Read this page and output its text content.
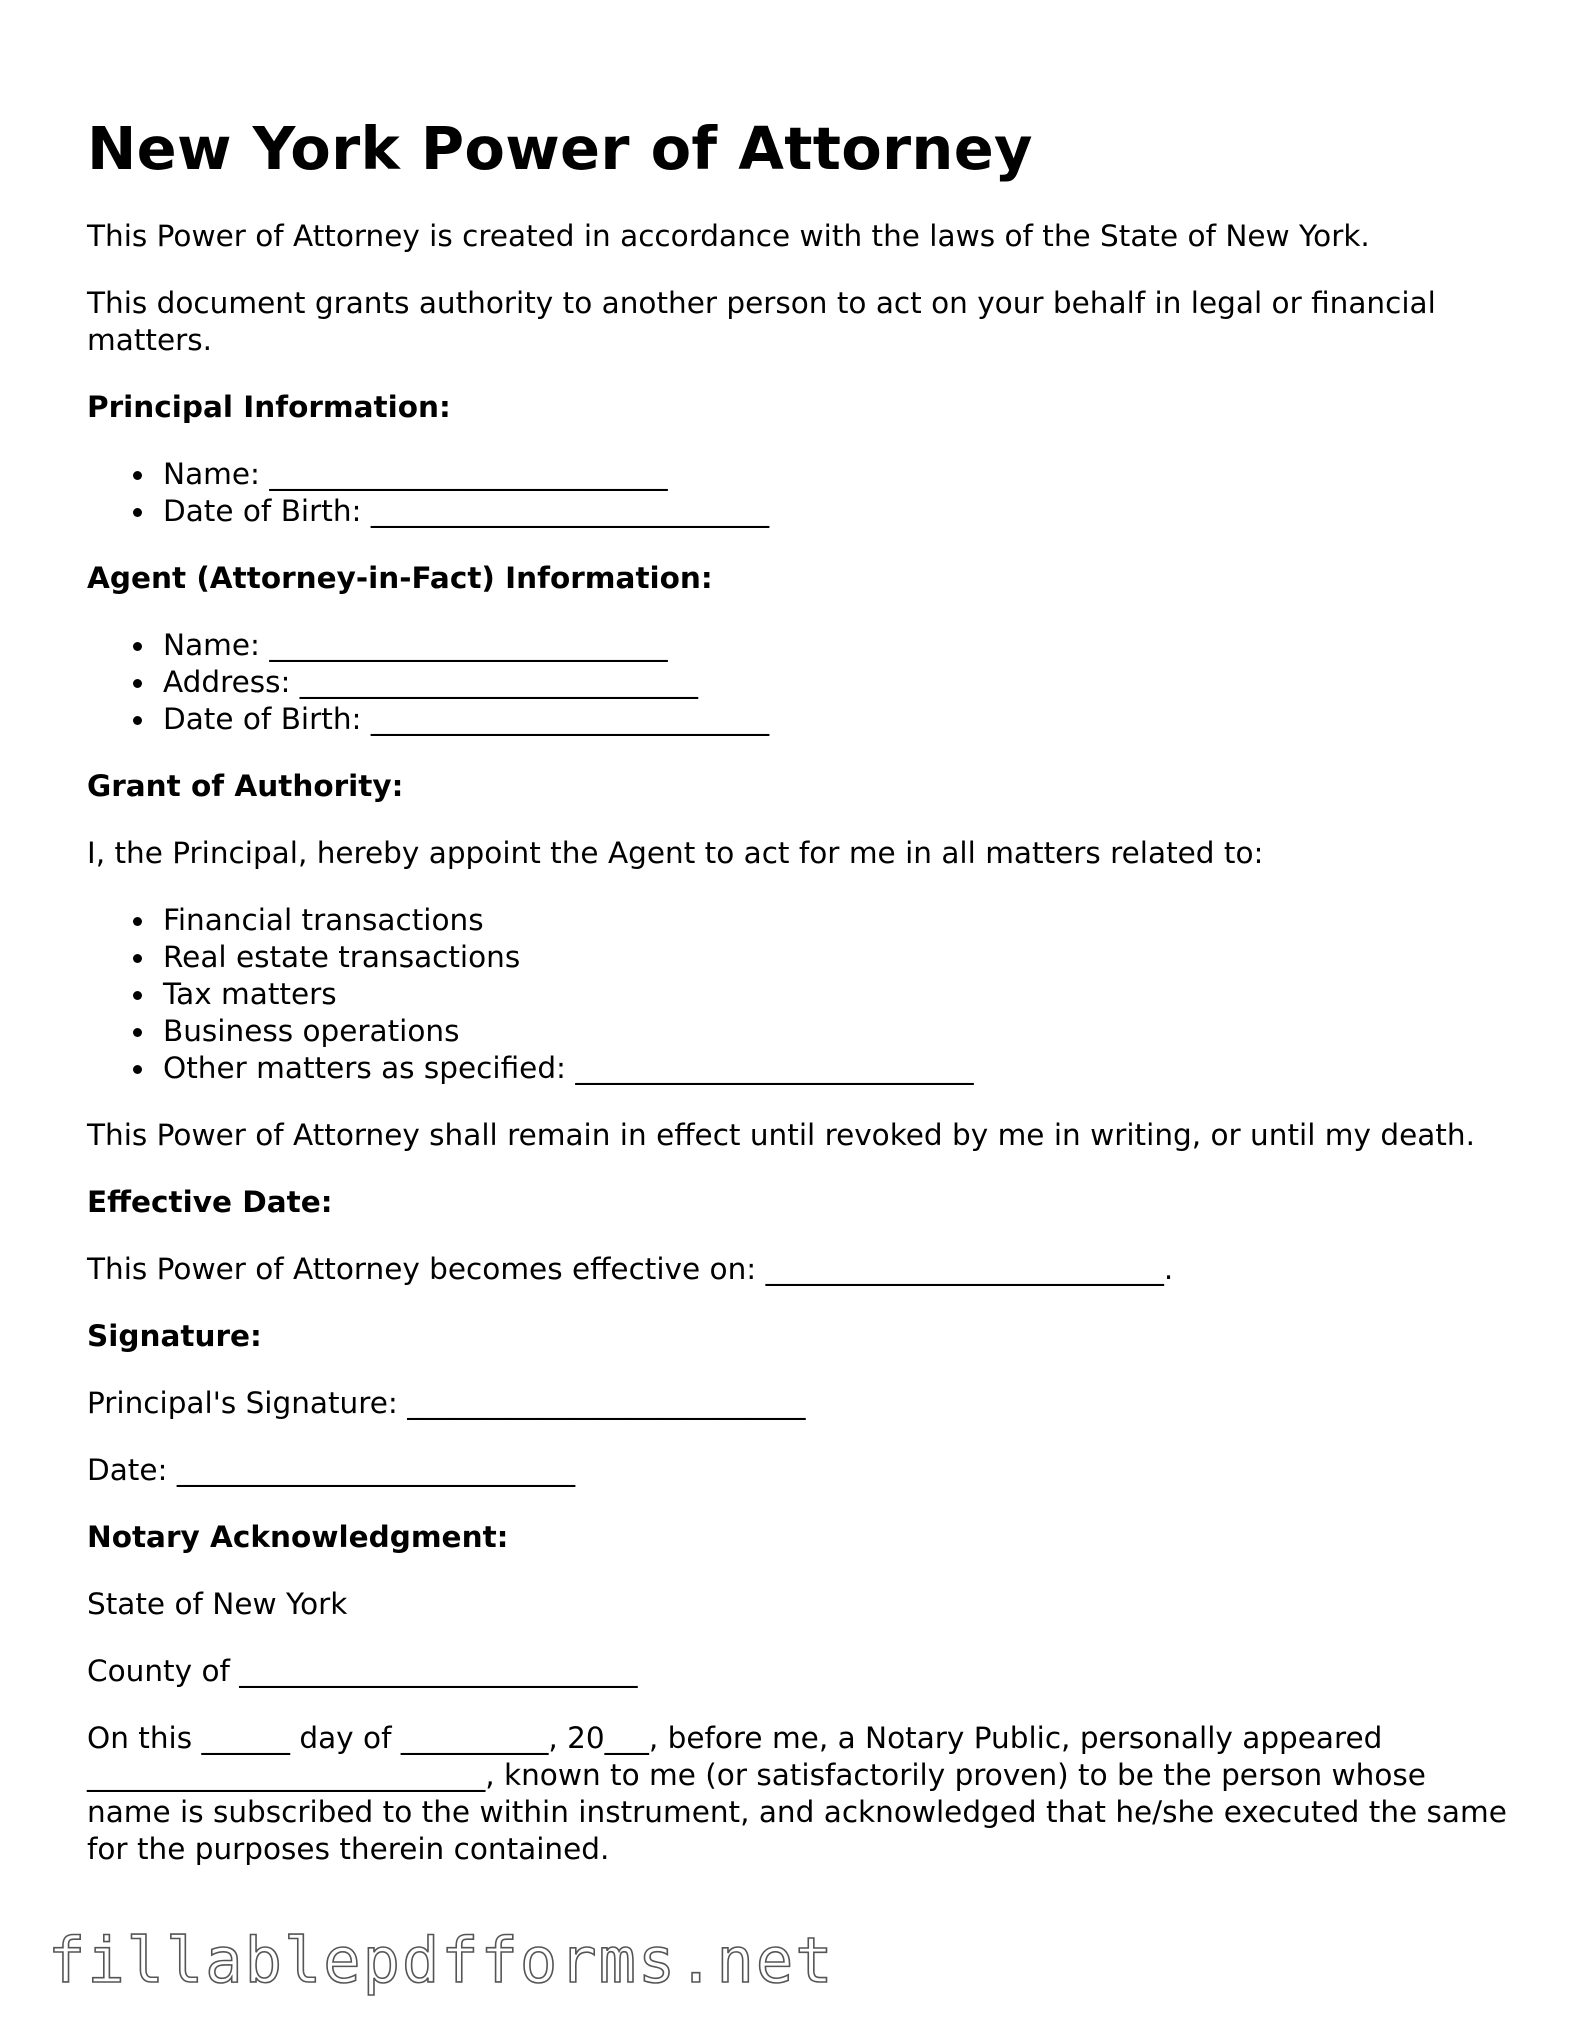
New York Power of Attorney

This Power of Attorney is created in accordance with the laws of the State of New York.

This document grants authority to another person to act on your behalf in legal or financial matters.

Principal Information:

Name: ___________________________
Date of Birth: ___________________________

Agent (Attorney-in-Fact) Information:

Name: ___________________________
Address: ___________________________
Date of Birth: ___________________________

Grant of Authority:

I, the Principal, hereby appoint the Agent to act for me in all matters related to:

Financial transactions
Real estate transactions
Tax matters
Business operations
Other matters as specified: ___________________________

This Power of Attorney shall remain in effect until revoked by me in writing, or until my death.

Effective Date:

This Power of Attorney becomes effective on: ___________________________.

Signature:

Principal's Signature: ___________________________

Date: ___________________________

Notary Acknowledgment:

State of New York

County of ___________________________

On this ______ day of __________, 20___, before me, a Notary Public, personally appeared ___________________________, known to me (or satisfactorily proven) to be the person whose name is subscribed to the within instrument, and acknowledged that he/she executed the same for the purposes therein contained.

fillablepdfforms.net
